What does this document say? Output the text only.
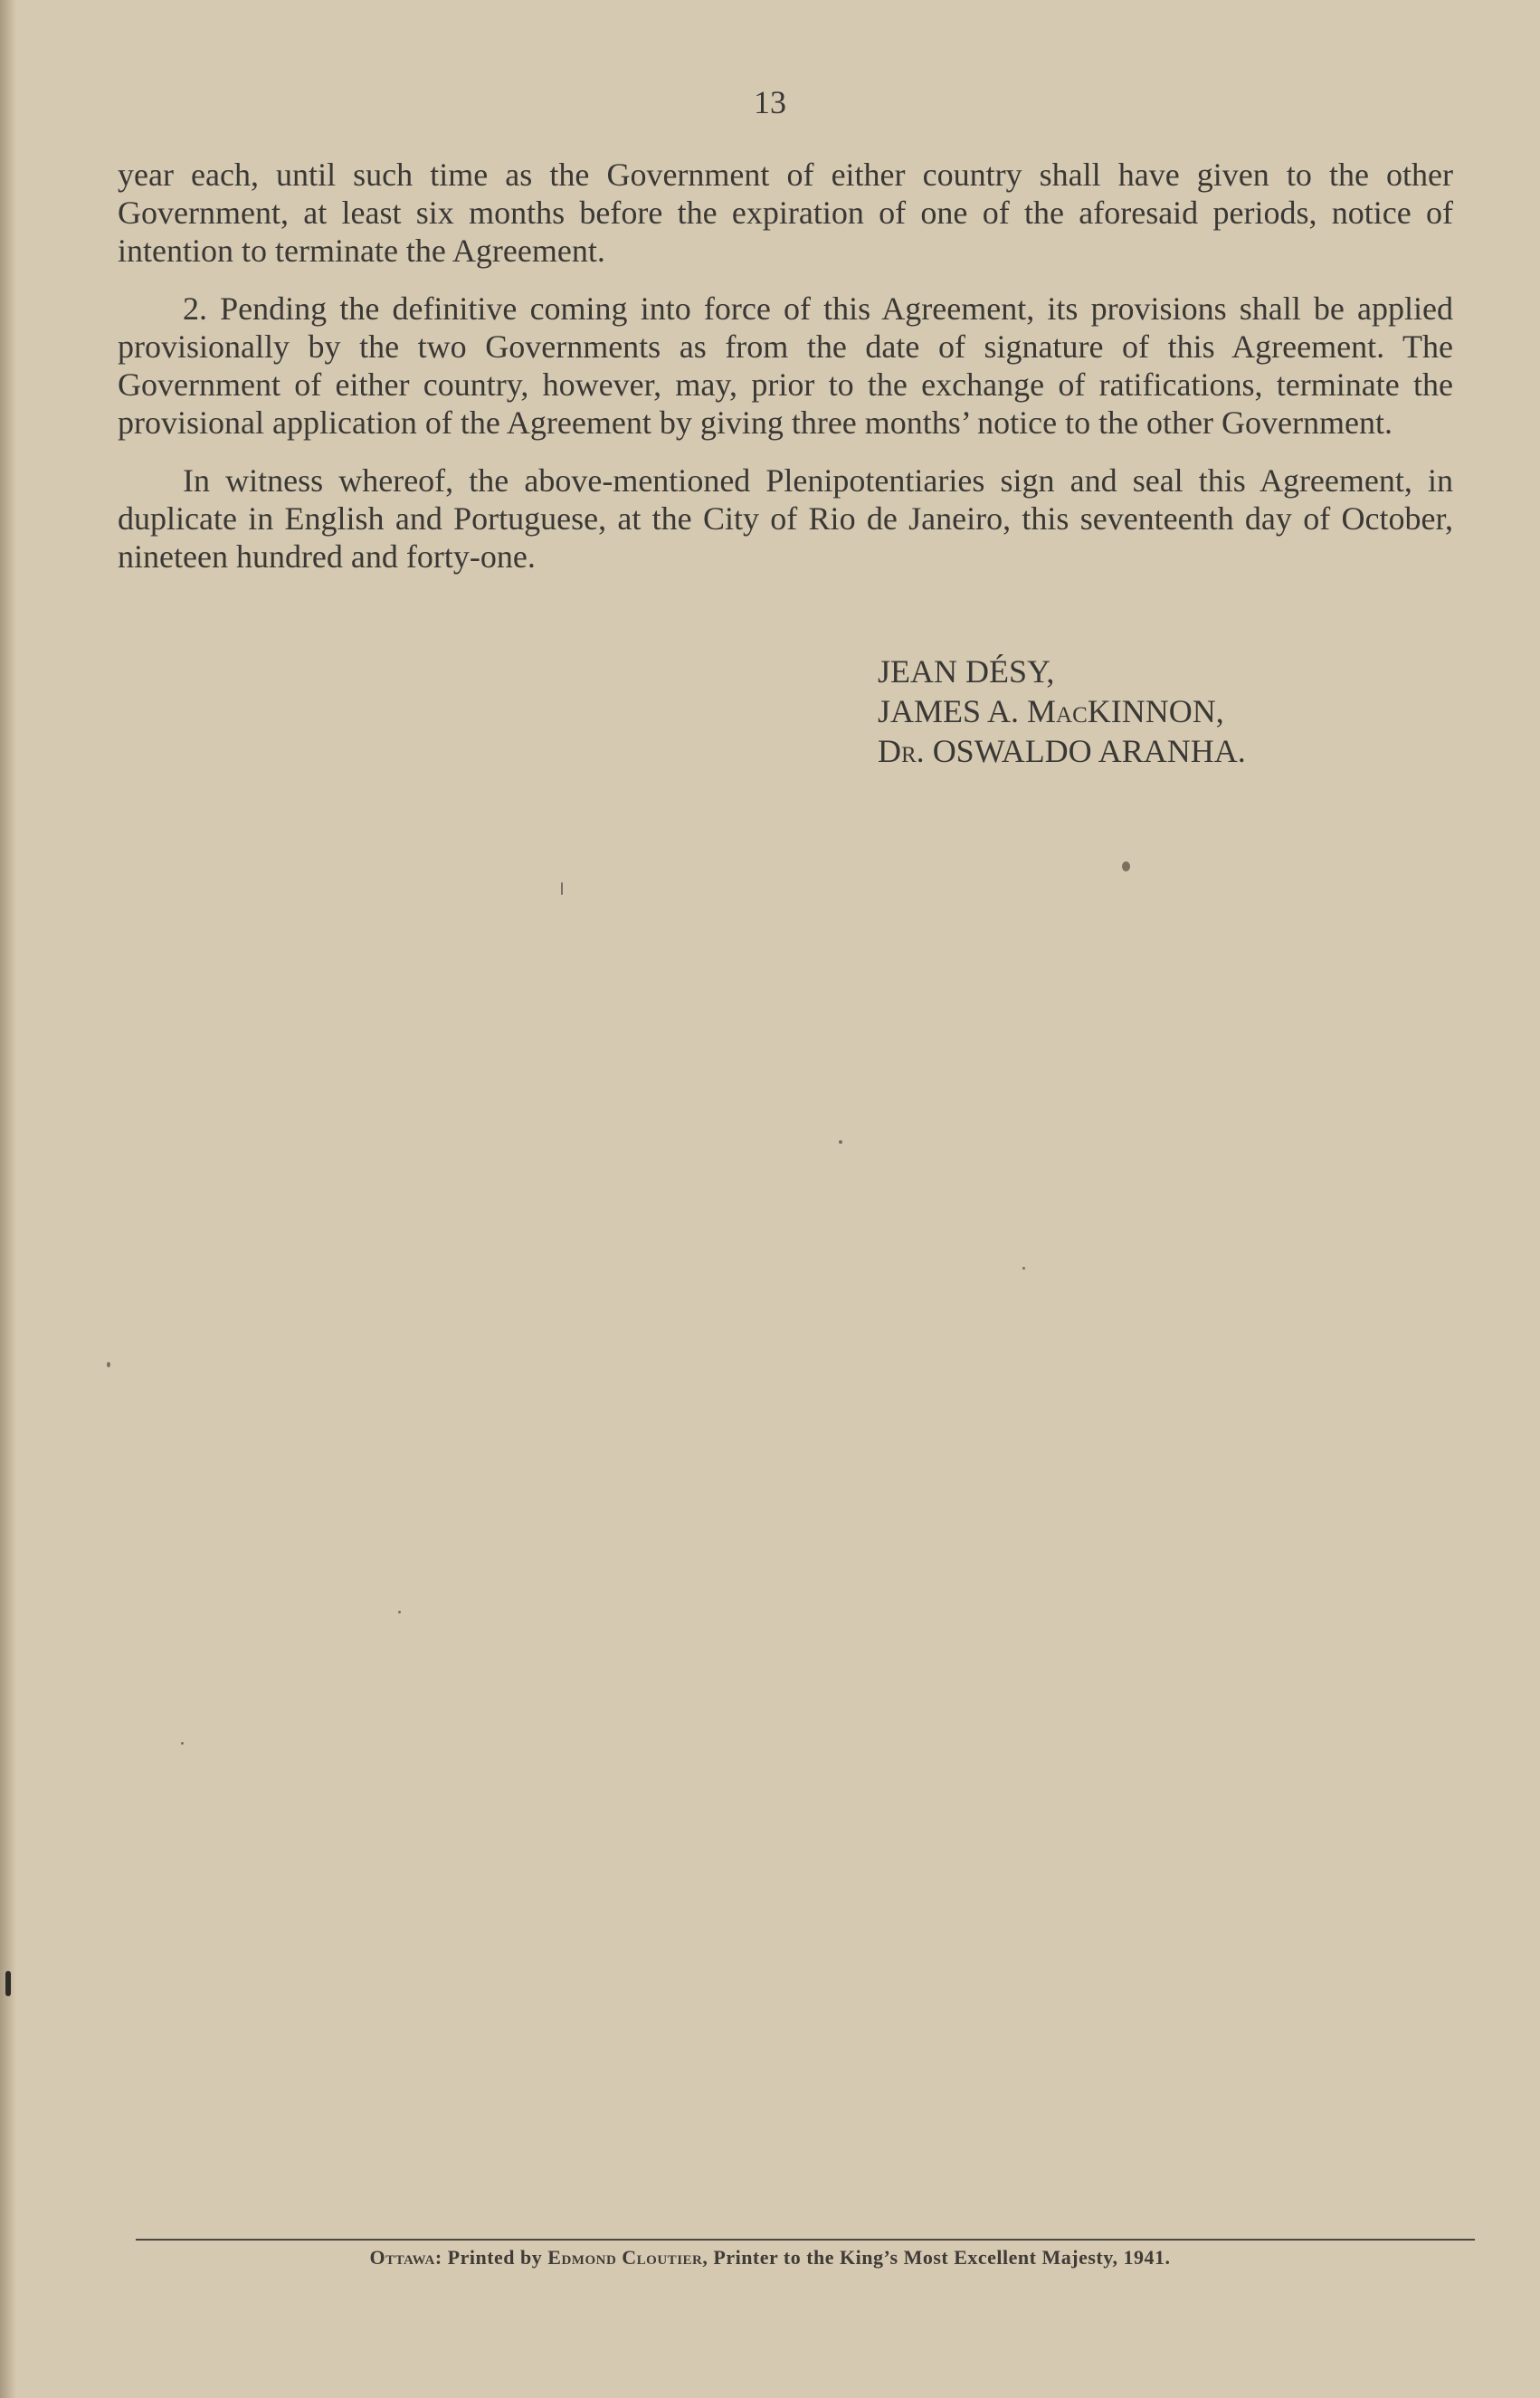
13

year each, until such time as the Government of either country shall have given to the other Government, at least six months before the expiration of one of the aforesaid periods, notice of intention to terminate the Agreement.

2. Pending the definitive coming into force of this Agreement, its provisions shall be applied provisionally by the two Governments as from the date of signature of this Agreement. The Government of either country, however, may, prior to the exchange of ratifications, terminate the provisional application of the Agreement by giving three months’ notice to the other Government.

In witness whereof, the above-mentioned Plenipotentiaries sign and seal this Agreement, in duplicate in English and Portuguese, at the City of Rio de Janeiro, this seventeenth day of October, nineteen hundred and forty-one.

JEAN DÉSY,
JAMES A. MacKINNON,
Dr. OSWALDO ARANHA.
Ottawa: Printed by Edmond Cloutier, Printer to the King’s Most Excellent Majesty, 1941.
